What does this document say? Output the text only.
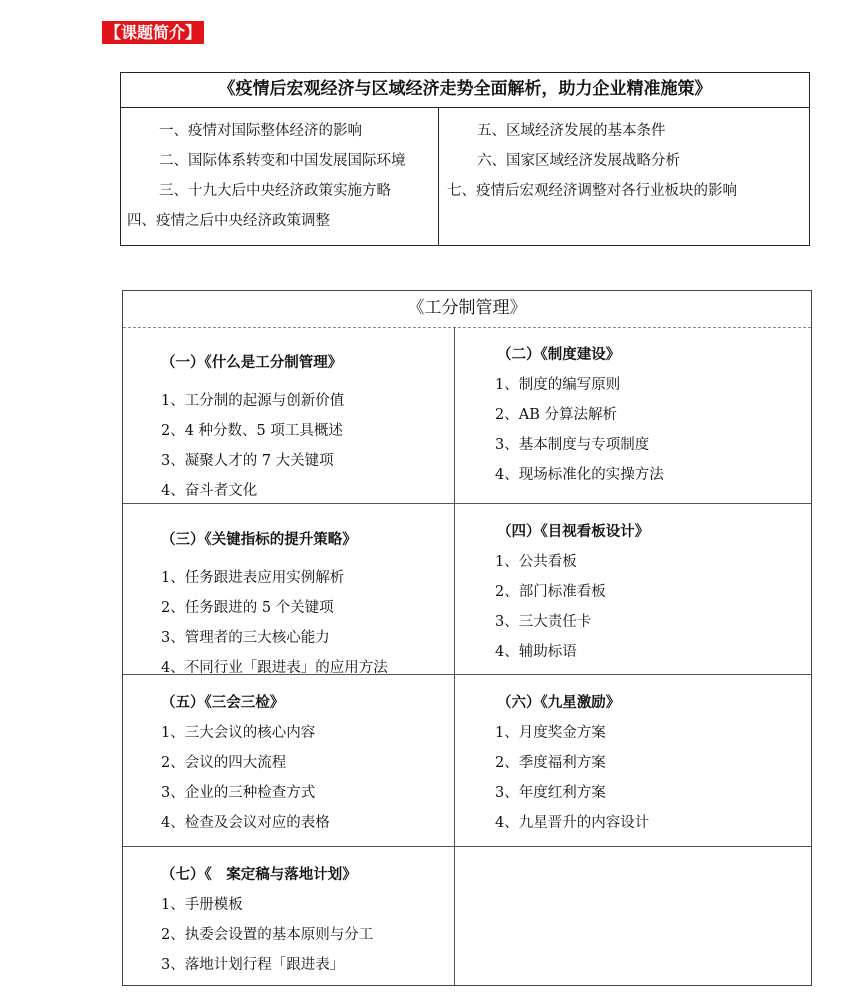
【课题简介】
《疫情后宏观经济与区域经济走势全面解析，助力企业精准施策》
一、疫情对国际整体经济的影响
二、国际体系转变和中国发展国际环境
三、十九大后中央经济政策实施方略
四、疫情之后中央经济政策调整
五、区域经济发展的基本条件
六、国家区域经济发展战略分析
七、疫情后宏观经济调整对各行业板块的影响
《工分制管理》
（一）《什么是工分制管理》
1、工分制的起源与创新价值
2、4 种分数、5 项工具概述
3、凝聚人才的 7 大关键项
4、奋斗者文化
（二）《制度建设》
1、制度的编写原则
2、AB 分算法解析
3、基本制度与专项制度
4、现场标准化的实操方法
（三）《关键指标的提升策略》
1、任务跟进表应用实例解析
2、任务跟进的 5 个关键项
3、管理者的三大核心能力
4、不同行业「跟进表」的应用方法
（四）《目视看板设计》
1、公共看板
2、部门标准看板
3、三大责任卡
4、辅助标语
（五）《三会三检》
1、三大会议的核心内容
2、会议的四大流程
3、企业的三种检查方式
4、检查及会议对应的表格
（六）《九星激励》
1、月度奖金方案
2、季度福利方案
3、年度红利方案
4、九星晋升的内容设计
（七）《　案定稿与落地计划》
1、手册模板
2、执委会设置的基本原则与分工
3、落地计划行程「跟进表」
